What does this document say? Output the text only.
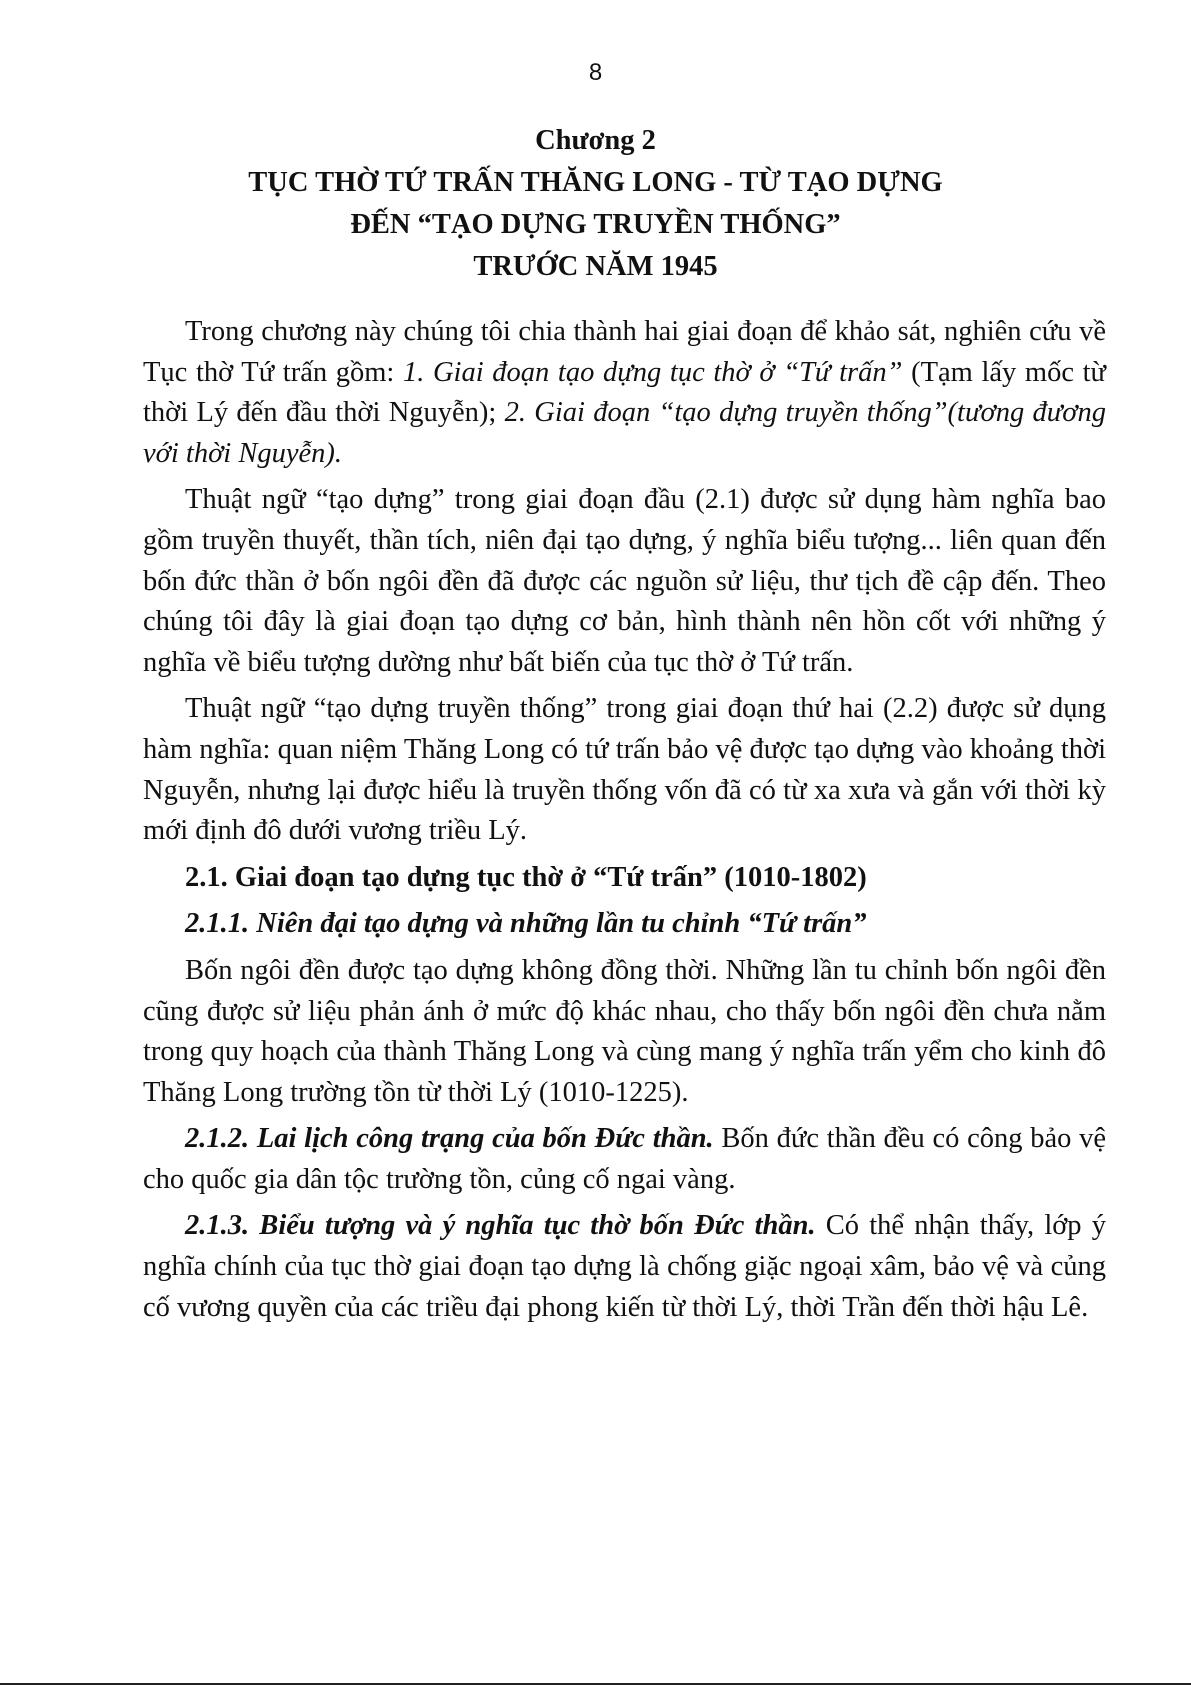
8
Chương 2
TỤC THỜ TỨ TRẤN THĂNG LONG - TỪ TẠO DỰNG
ĐẾN “TẠO DỰNG TRUYỀN THỐNG”
TRƯỚC NĂM 1945

Trong chương này chúng tôi chia thành hai giai đoạn để khảo sát, nghiên cứu về Tục thờ Tứ trấn gồm: 1. Giai đoạn tạo dựng tục thờ ở “Tứ trấn” (Tạm lấy mốc từ thời Lý đến đầu thời Nguyễn); 2. Giai đoạn “tạo dựng truyền thống”(tương đương với thời Nguyễn).

Thuật ngữ “tạo dựng” trong giai đoạn đầu (2.1) được sử dụng hàm nghĩa bao gồm truyền thuyết, thần tích, niên đại tạo dựng, ý nghĩa biểu tượng... liên quan đến bốn đức thần ở bốn ngôi đền đã được các nguồn sử liệu, thư tịch đề cập đến. Theo chúng tôi đây là giai đoạn tạo dựng cơ bản, hình thành nên hồn cốt với những ý nghĩa về biểu tượng dường như bất biến của tục thờ ở Tứ trấn.

Thuật ngữ “tạo dựng truyền thống” trong giai đoạn thứ hai (2.2) được sử dụng hàm nghĩa: quan niệm Thăng Long có tứ trấn bảo vệ được tạo dựng vào khoảng thời Nguyễn, nhưng lại được hiểu là truyền thống vốn đã có từ xa xưa và gắn với thời kỳ mới định đô dưới vương triều Lý.

2.1. Giai đoạn tạo dựng tục thờ ở “Tứ trấn” (1010-1802)

2.1.1. Niên đại tạo dựng và những lần tu chỉnh “Tứ trấn”

Bốn ngôi đền được tạo dựng không đồng thời. Những lần tu chỉnh bốn ngôi đền cũng được sử liệu phản ánh ở mức độ khác nhau, cho thấy bốn ngôi đền chưa nằm trong quy hoạch của thành Thăng Long và cùng mang ý nghĩa trấn yểm cho kinh đô Thăng Long trường tồn từ thời Lý (1010-1225).

2.1.2. Lai lịch công trạng của bốn Đức thần. Bốn đức thần đều có công bảo vệ cho quốc gia dân tộc trường tồn, củng cố ngai vàng.

2.1.3. Biểu tượng và ý nghĩa tục thờ bốn Đức thần. Có thể nhận thấy, lớp ý nghĩa chính của tục thờ giai đoạn tạo dựng là chống giặc ngoại xâm, bảo vệ và củng cố vương quyền của các triều đại phong kiến từ thời Lý, thời Trần đến thời hậu Lê.
